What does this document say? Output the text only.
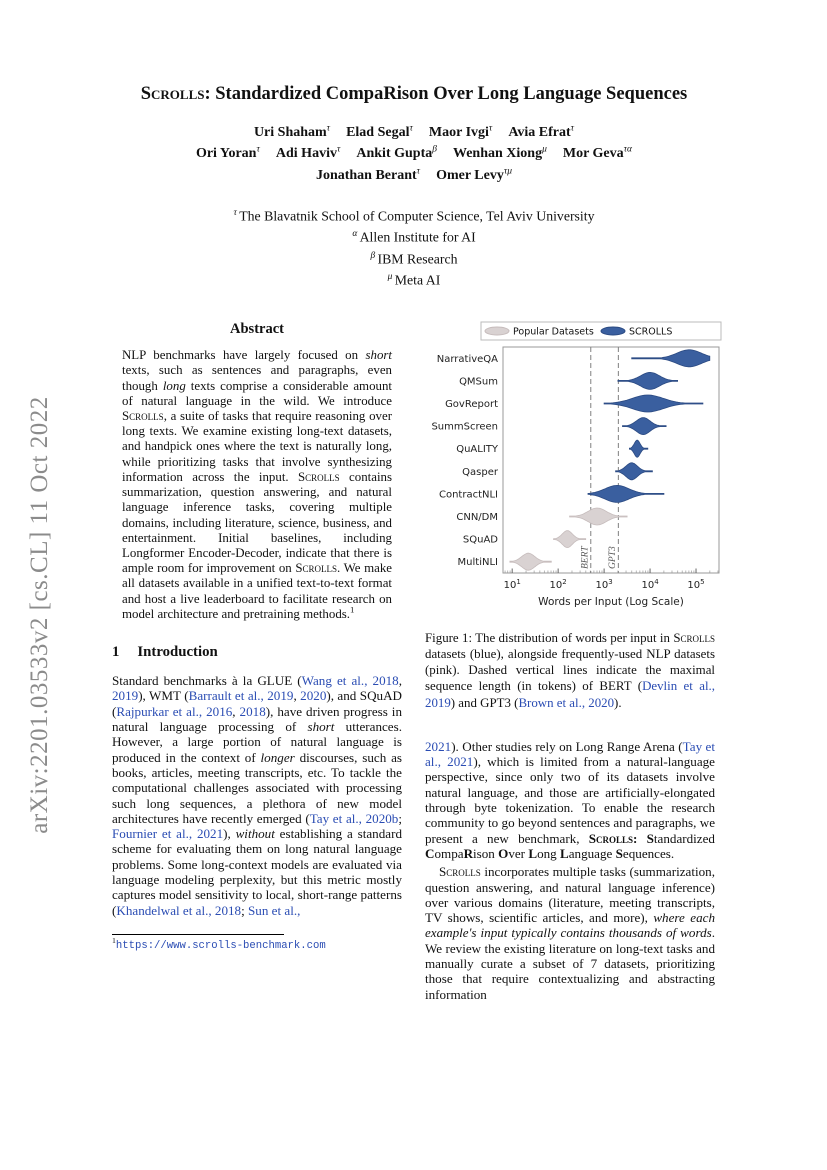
arXiv:2201.03533v2 [cs.CL] 11 Oct 2022
Scrolls: Standardized CompaRison Over Long Language Sequences
Uri Shaham$^\tau$ Elad Segal$^\tau$ Maor Ivgi$^\tau$ Avia Efrat$^\tau$
Ori Yoran$^\tau$ Adi Haviv$^\tau$ Ankit Gupta$^\beta$ Wenhan Xiong$^\mu$ Mor Geva$^{\tau\alpha}$
Jonathan Berant$^\tau$ Omer Levy$^{\tau\mu}$
$^\tau$ The Blavatnik School of Computer Science, Tel Aviv University
$^\alpha$ Allen Institute for AI
$^\beta$ IBM Research
$^\mu$ Meta AI
Abstract
NLP benchmarks have largely focused on short texts, such as sentences and paragraphs, even though long texts comprise a considerable amount of natural language in the wild. We introduce Scrolls, a suite of tasks that require reasoning over long texts. We examine existing long-text datasets, and handpick ones where the text is naturally long, while prioritizing tasks that involve synthesizing information across the input. Scrolls contains summarization, question answering, and natural language inference tasks, covering multiple domains, including literature, science, business, and entertainment. Initial baselines, including Longformer Encoder-Decoder, indicate that there is ample room for improvement on Scrolls. We make all datasets available in a unified text-to-text format and host a live leaderboard to facilitate research on model architecture and pretraining methods.$^1$
1 Introduction
Standard benchmarks à la GLUE (Wang et al., 2018, 2019), WMT (Barrault et al., 2019, 2020), and SQuAD (Rajpurkar et al., 2016, 2018), have driven progress in natural language processing of short utterances. However, a large portion of natural language is produced in the context of longer discourses, such as books, articles, meeting transcripts, etc. To tackle the computational challenges associated with processing such long sequences, a plethora of new model architectures have recently emerged (Tay et al., 2020b; Fournier et al., 2021), without establishing a standard scheme for evaluating them on long natural language problems. Some long-context models are evaluated via language modeling perplexity, but this metric mostly captures model sensitivity to local, short-range patterns (Khandelwal et al., 2018; Sun et al.,
$^1$https://www.scrolls-benchmark.com
Popular Datasets	SCROLLS
$10^1$	$10^2$	$10^3$	$10^4$	$10^5$
BERT GPT3
NarrativeQA
QMSum
GovReport
SummScreen
QuALITY
Qasper
ContractNLI
CNN/DM
SQuAD
MultiNLI
Words per Input (Log Scale)
Figure 1: The distribution of words per input in Scrolls datasets (blue), alongside frequently-used NLP datasets (pink). Dashed vertical lines indicate the maximal sequence length (in tokens) of BERT (Devlin et al., 2019) and GPT3 (Brown et al., 2020).
2021). Other studies rely on Long Range Arena (Tay et al., 2021), which is limited from a natural-language perspective, since only two of its datasets involve natural language, and those are artificially-elongated through byte tokenization. To enable the research community to go beyond sentences and paragraphs, we present a new benchmark, Scrolls: Standardized CompaRison Over Long Language Sequences.
Scrolls incorporates multiple tasks (summarization, question answering, and natural language inference) over various domains (literature, meeting transcripts, TV shows, scientific articles, and more), where each example's input typically contains thousands of words. We review the existing literature on long-text tasks and manually curate a subset of 7 datasets, prioritizing those that require contextualizing and abstracting information
